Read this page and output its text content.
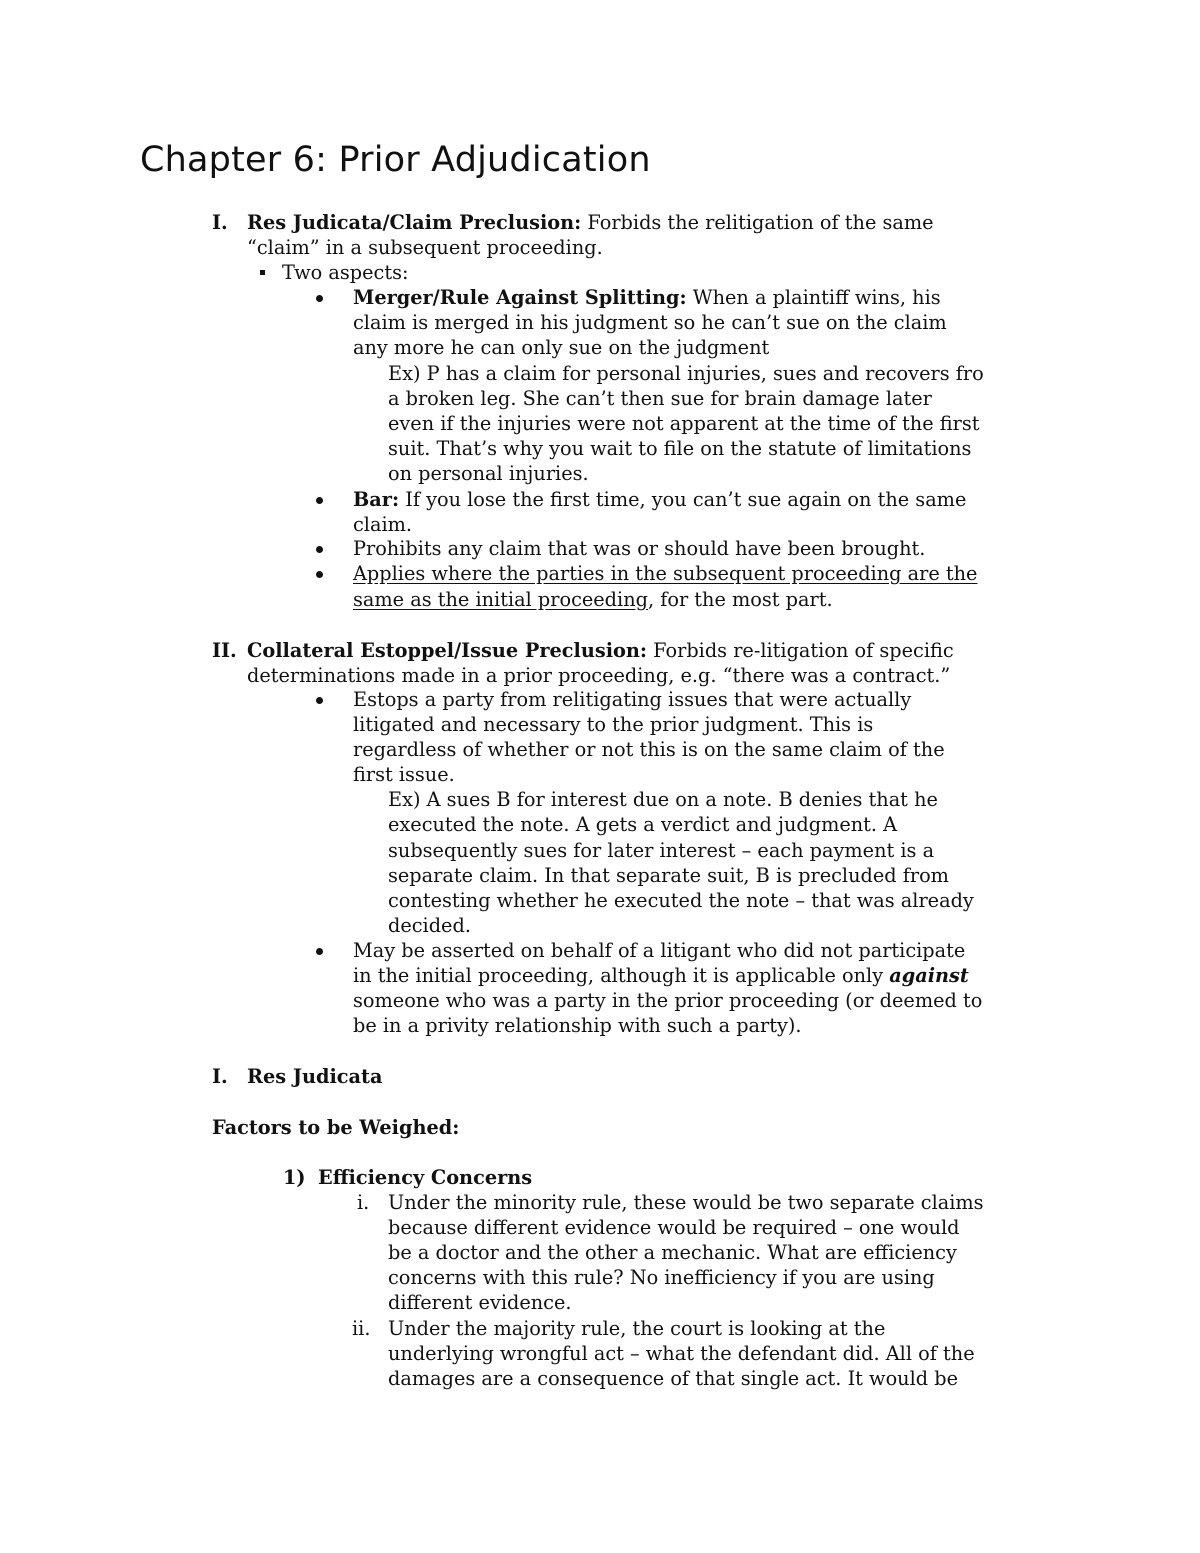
Chapter 6: Prior Adjudication
I. Res Judicata/Claim Preclusion: Forbids the relitigation of the same

“claim” in a subsequent proceeding.

Two aspects:

Merger/Rule Against Splitting: When a plaintiff wins, his

claim is merged in his judgment so he can’t sue on the claim

any more he can only sue on the judgment

Ex) P has a claim for personal injuries, sues and recovers fro

a broken leg. She can’t then sue for brain damage later

even if the injuries were not apparent at the time of the first

suit. That’s why you wait to file on the statute of limitations

on personal injuries.

Bar: If you lose the first time, you can’t sue again on the same

claim.

Prohibits any claim that was or should have been brought.

Applies where the parties in the subsequent proceeding are the

same as the initial proceeding, for the most part.

II. Collateral Estoppel/Issue Preclusion: Forbids re-litigation of specific

determinations made in a prior proceeding, e.g. “there was a contract.”

Estops a party from relitigating issues that were actually

litigated and necessary to the prior judgment. This is

regardless of whether or not this is on the same claim of the

first issue.

Ex) A sues B for interest due on a note. B denies that he

executed the note. A gets a verdict and judgment. A

subsequently sues for later interest – each payment is a

separate claim. In that separate suit, B is precluded from

contesting whether he executed the note – that was already

decided.

May be asserted on behalf of a litigant who did not participate

in the initial proceeding, although it is applicable only against

someone who was a party in the prior proceeding (or deemed to

be in a privity relationship with such a party).

I. Res Judicata

Factors to be Weighed:

1) Efficiency Concerns

i. Under the minority rule, these would be two separate claims

because different evidence would be required – one would

be a doctor and the other a mechanic. What are efficiency

concerns with this rule? No inefficiency if you are using

different evidence.

ii. Under the majority rule, the court is looking at the

underlying wrongful act – what the defendant did. All of the

damages are a consequence of that single act. It would be
